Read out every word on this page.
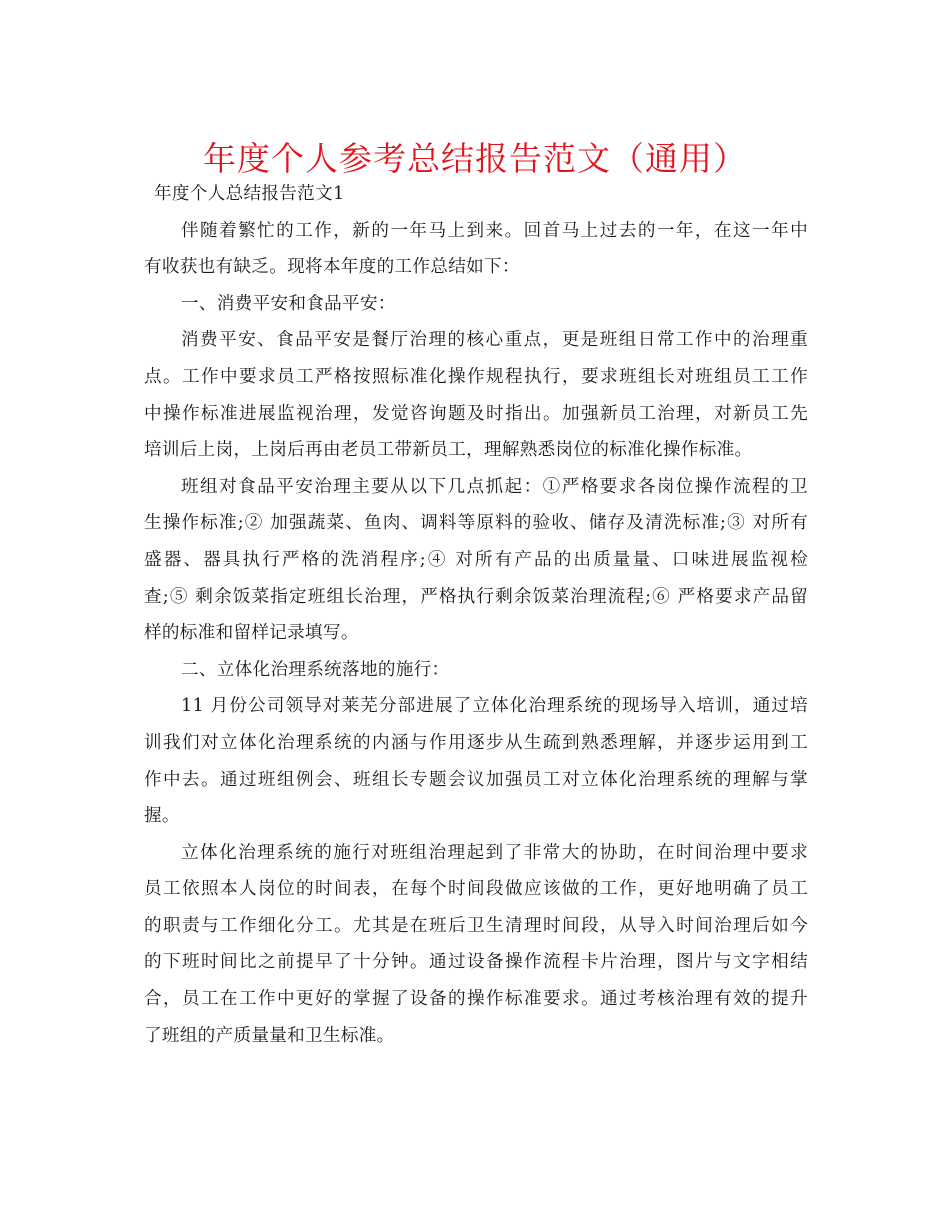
年度个人参考总结报告范文（通用）
年度个人总结报告范文1
伴随着繁忙的工作，新的一年马上到来。回首马上过去的一年，在这一年中
有收获也有缺乏。现将本年度的工作总结如下：
一、消费平安和食品平安：
消费平安、食品平安是餐厅治理的核心重点，更是班组日常工作中的治理重
点。工作中要求员工严格按照标准化操作规程执行，要求班组长对班组员工工作
中操作标准进展监视治理，发觉咨询题及时指出。加强新员工治理，对新员工先
培训后上岗，上岗后再由老员工带新员工，理解熟悉岗位的标准化操作标准。
班组对食品平安治理主要从以下几点抓起：①严格要求各岗位操作流程的卫
生操作标准;② 加强蔬菜、鱼肉、调料等原料的验收、储存及清洗标准;③ 对所有
盛器、器具执行严格的洗消程序;④ 对所有产品的出质量量、口味进展监视检
查;⑤ 剩余饭菜指定班组长治理，严格执行剩余饭菜治理流程;⑥ 严格要求产品留
样的标准和留样记录填写。
二、立体化治理系统落地的施行：
11 月份公司领导对莱芜分部进展了立体化治理系统的现场导入培训，通过培
训我们对立体化治理系统的内涵与作用逐步从生疏到熟悉理解，并逐步运用到工
作中去。通过班组例会、班组长专题会议加强员工对立体化治理系统的理解与掌
握。
立体化治理系统的施行对班组治理起到了非常大的协助，在时间治理中要求
员工依照本人岗位的时间表，在每个时间段做应该做的工作，更好地明确了员工
的职责与工作细化分工。尤其是在班后卫生清理时间段，从导入时间治理后如今
的下班时间比之前提早了十分钟。通过设备操作流程卡片治理，图片与文字相结
合，员工在工作中更好的掌握了设备的操作标准要求。通过考核治理有效的提升
了班组的产质量量和卫生标准。
